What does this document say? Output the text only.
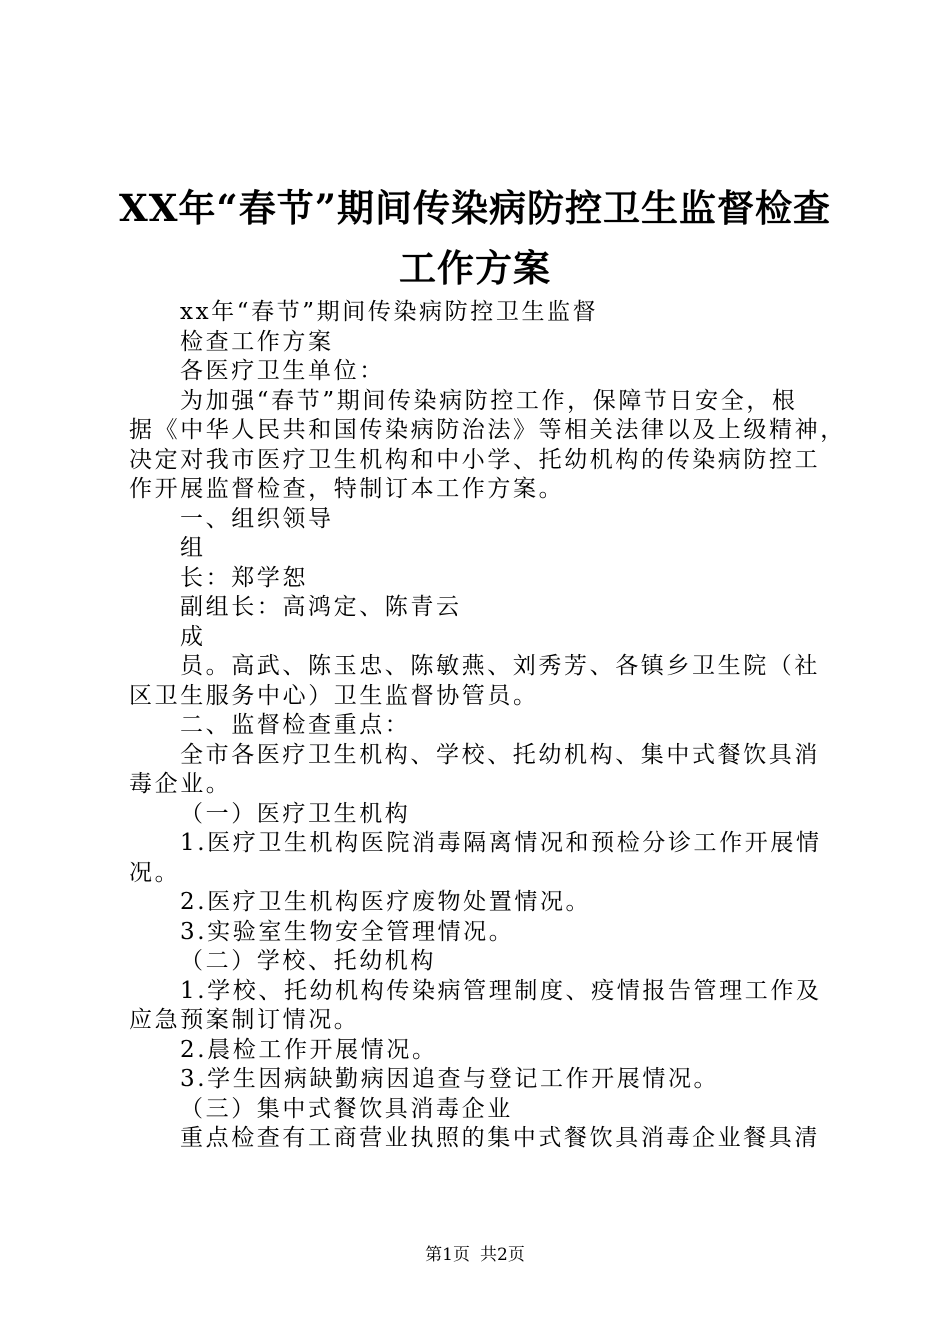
XX年“春节”期间传染病防控卫生监督检查
工作方案

xx年“春节”期间传染病防控卫生监督

检查工作方案

各医疗卫生单位：

为加强“春节”期间传染病防控工作，保障节日安全，根

据《中华人民共和国传染病防治法》等相关法律以及上级精神，

决定对我市医疗卫生机构和中小学、托幼机构的传染病防控工

作开展监督检查，特制订本工作方案。

一、组织领导

组

长：郑学恕

副组长：高鸿定、陈青云

成

员。高武、陈玉忠、陈敏燕、刘秀芳、各镇乡卫生院（社

区卫生服务中心）卫生监督协管员。

二、监督检查重点：

全市各医疗卫生机构、学校、托幼机构、集中式餐饮具消

毒企业。

（一）医疗卫生机构

1.医疗卫生机构医院消毒隔离情况和预检分诊工作开展情

况。

2.医疗卫生机构医疗废物处置情况。

3.实验室生物安全管理情况。

（二）学校、托幼机构

1.学校、托幼机构传染病管理制度、疫情报告管理工作及

应急预案制订情况。

2.晨检工作开展情况。

3.学生因病缺勤病因追查与登记工作开展情况。

（三）集中式餐饮具消毒企业

重点检查有工商营业执照的集中式餐饮具消毒企业餐具清

第1页 共2页
